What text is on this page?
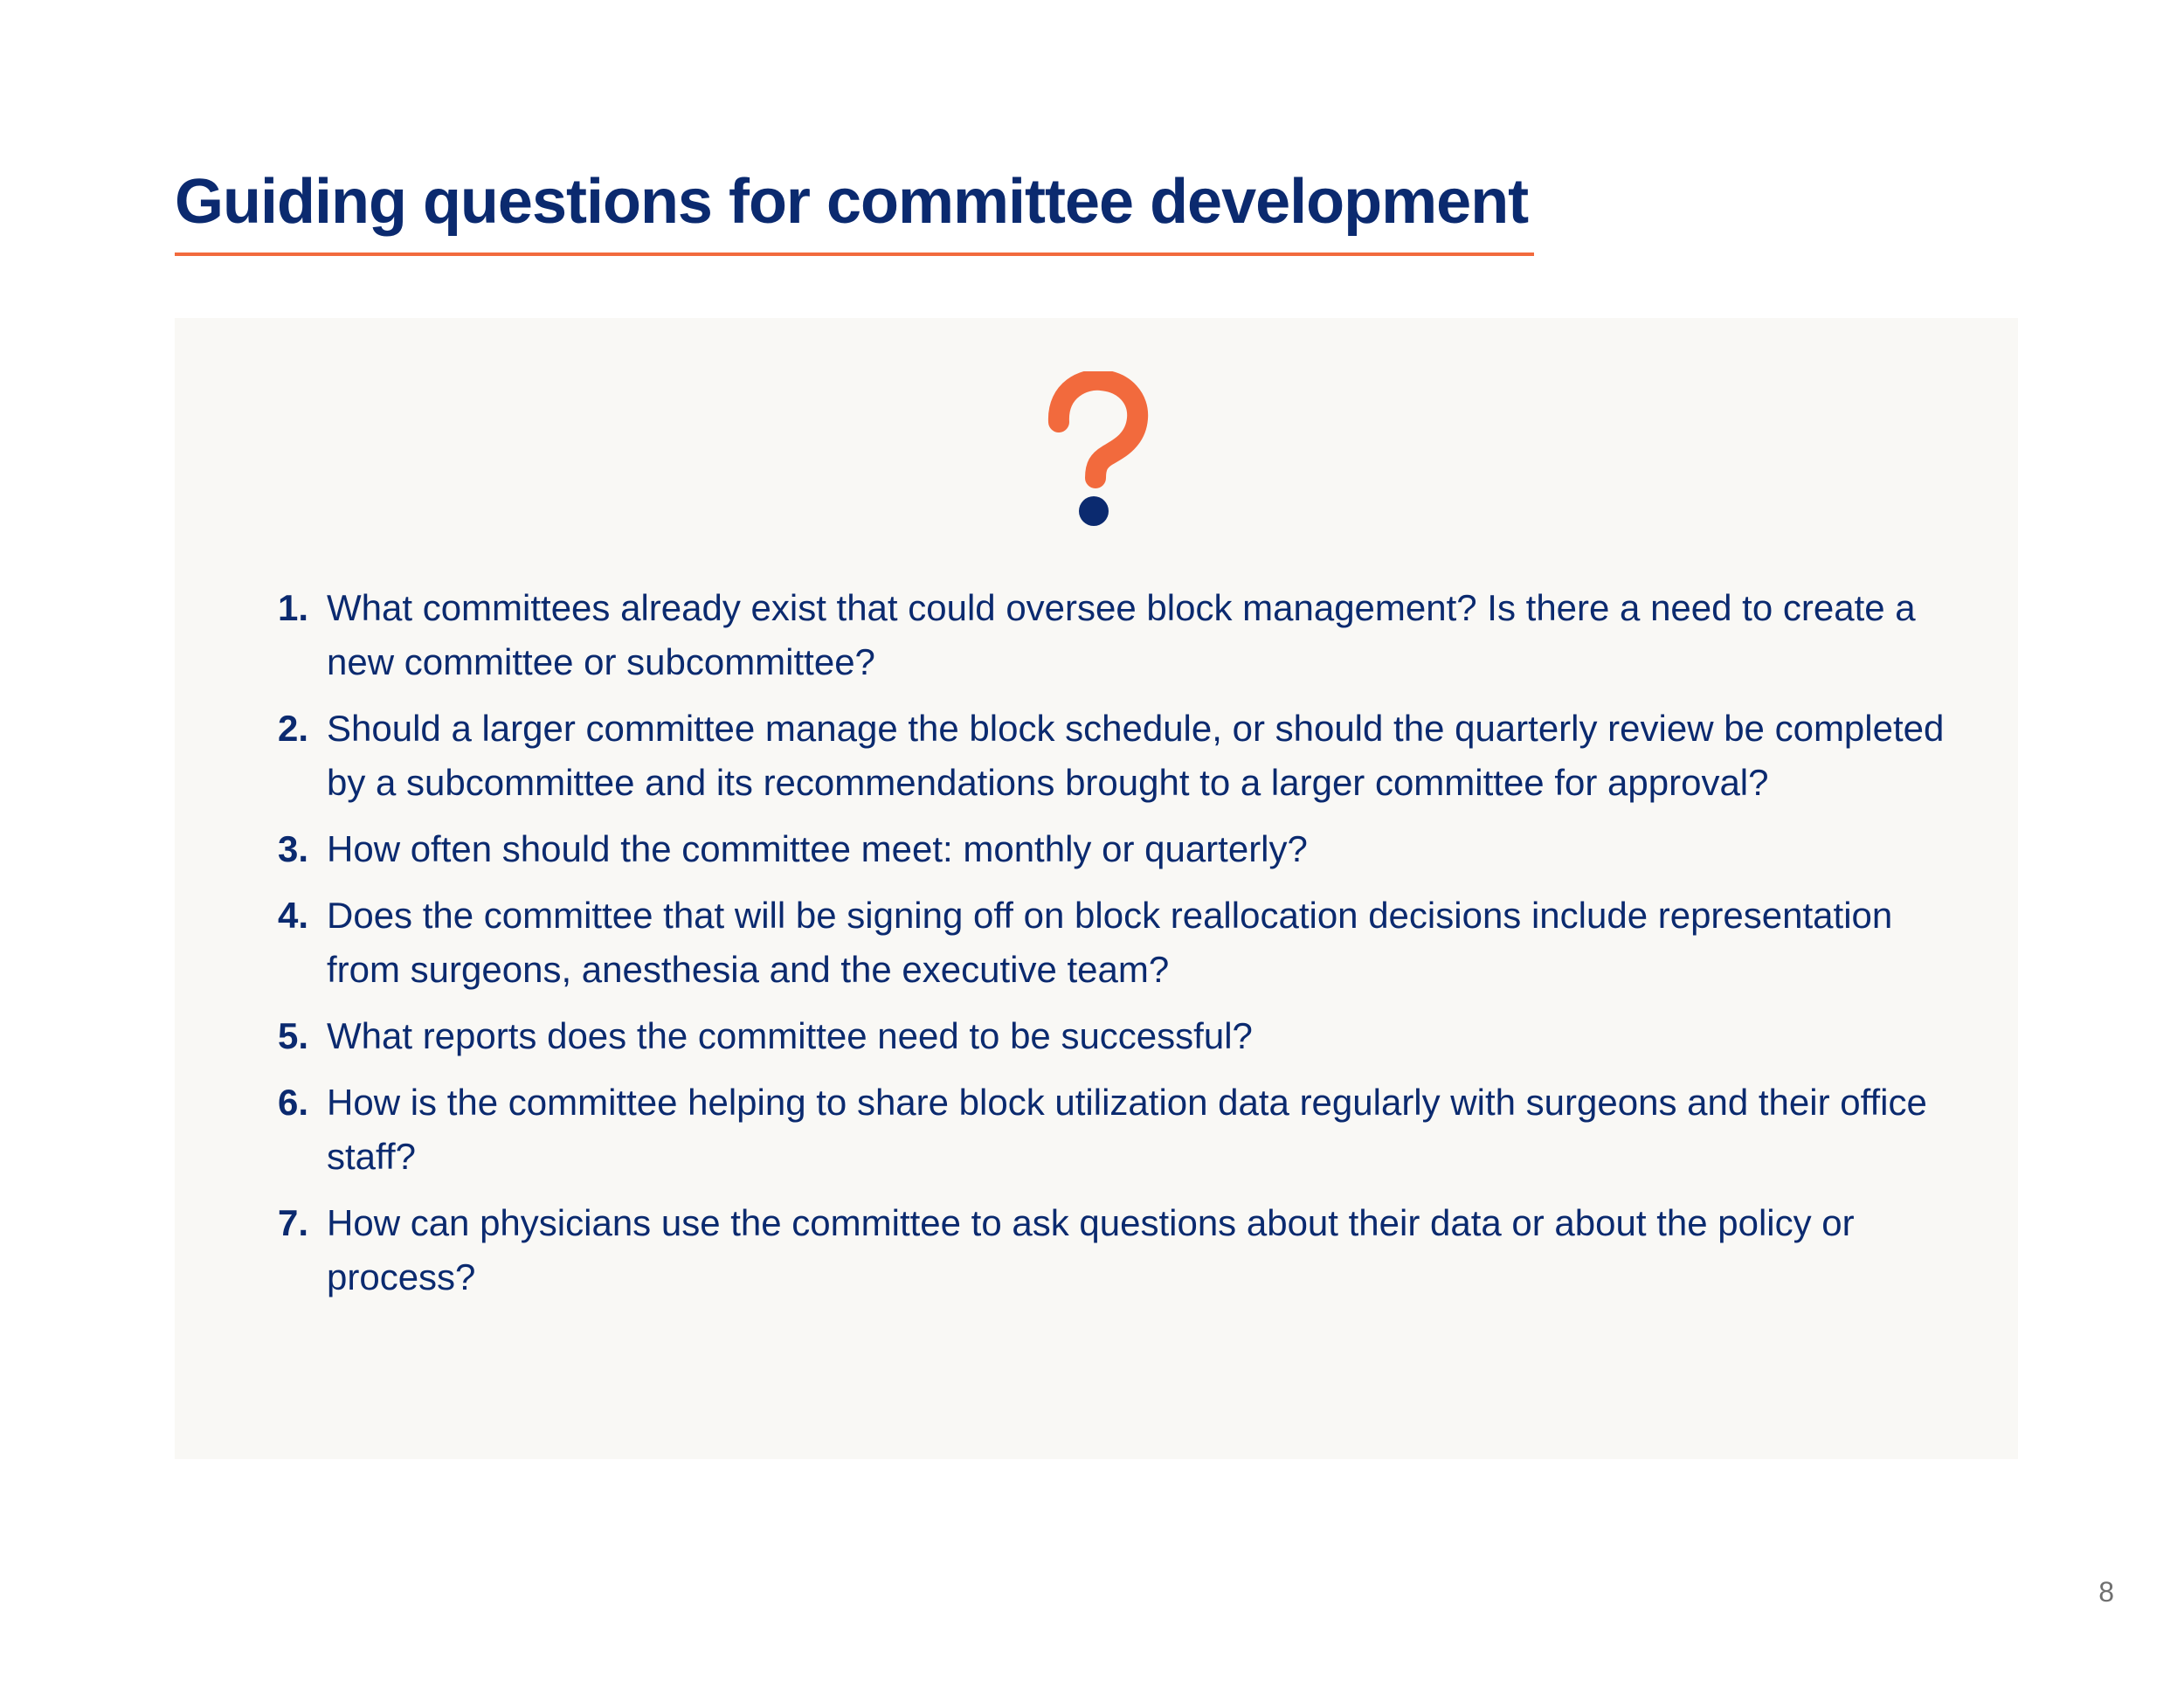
Guiding questions for committee development
1. What committees already exist that could oversee block management? Is there a need to create a new committee or subcommittee?
2. Should a larger committee manage the block schedule, or should the quarterly review be completed by a subcommittee and its recommendations brought to a larger committee for approval?
3. How often should the committee meet: monthly or quarterly?
4. Does the committee that will be signing off on block reallocation decisions include representation from surgeons, anesthesia and the executive team?
5. What reports does the committee need to be successful?
6. How is the committee helping to share block utilization data regularly with surgeons and their office staff?
7. How can physicians use the committee to ask questions about their data or about the policy or process?
8
